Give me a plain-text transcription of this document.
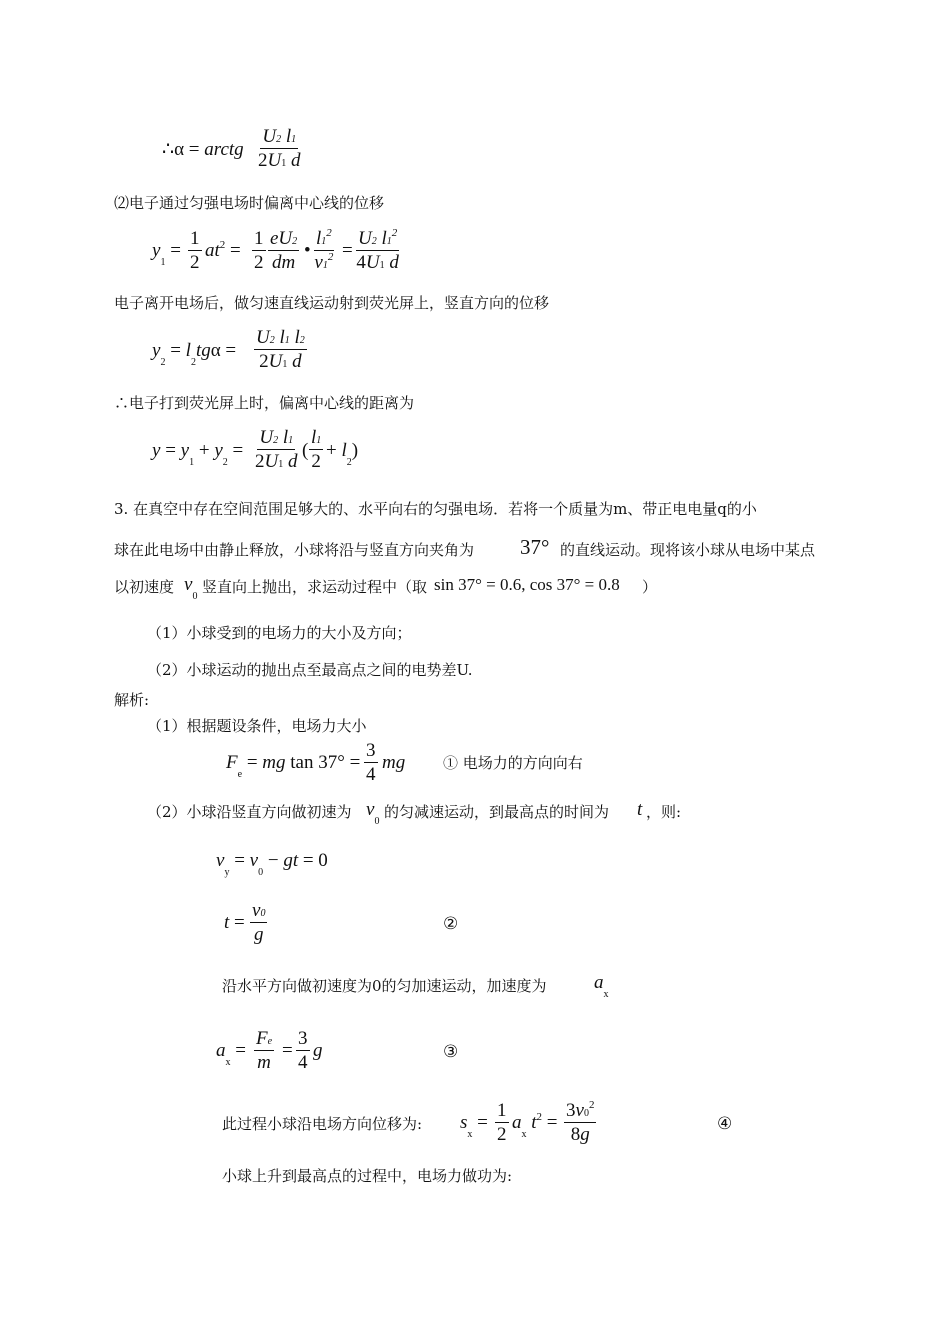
∴α = arctg $\frac{U2 l1}{2U1 d}$
⑵电子通过匀强电场时偏离中心线的位移
$y_1 = \frac{1}{2} at^2 = \frac{1}{2} \frac{eU2}{dm}$ • $\frac{l1^2}{v1^2} = \frac{U2 l1^2}{4U1 d}$
电子离开电场后，做匀速直线运动射到荧光屏上，竖直方向的位移
$y_2 = l_2tg\alpha = \frac{U2 l1 l2}{2U1 d}$
∴电子打到荧光屏上时，偏离中心线的距离为
$y = y_1 + y_2 = \frac{U2 l1}{2U1 d}$ ( $\frac{l1}{2} + l_2$)
3. 在真空中存在空间范围足够大的、水平向右的匀强电场．若将一个质量为m、带正电电量q的小
球在此电场中由静止释放，小球将沿与竖直方向夹角为 37° 的直线运动。现将该小球从电场中某点
以初速度 $v_0$
竖直向上抛出，求运动过程中（取 sin 37° = 0.6, cos 37° = 0.8 ）
（1）小球受到的电场力的大小及方向；
（2）小球运动的抛出点至最高点之间的电势差U.
解析:
（1）根据题设条件，电场力大小
$F_e$ = mg $\tan 37^\circ = \frac{3}{4}$ mg	① 电场力的方向向右
（2）小球沿竖直方向做初速为 $v_0$
的匀减速运动，到最高点的时间为 t ，则:
$v_y = v_0$ − gt = 0
$t = \frac{v0}{g}$	②
沿水平方向做初速度为0的匀加速运动，加速度为 $a_x$
$a_x = \frac{Fe}{m} = \frac{3}{4}$ g	③
此过程小球沿电场方向位移为: $s_x = \frac{1}{2} a_x$ $t^2 = \frac{3v0^2}{8g}$	④
小球上升到最高点的过程中，电场力做功为:
